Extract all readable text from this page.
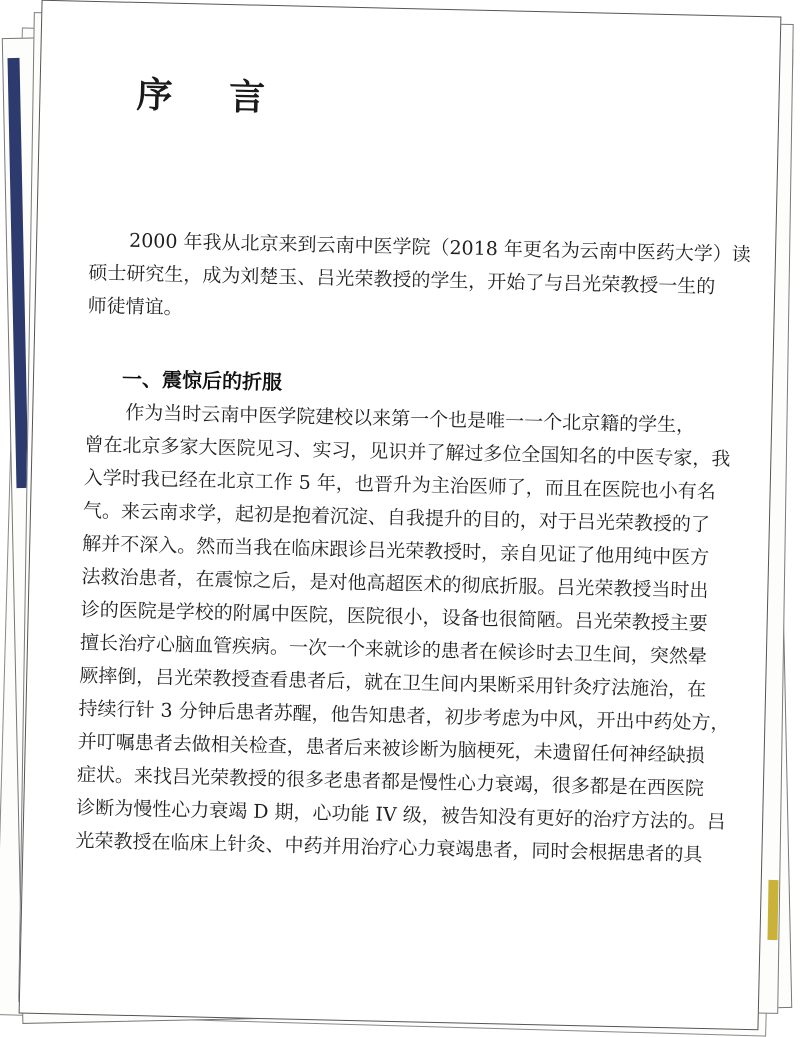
序 言
2000 年我从北京来到云南中医学院（2018 年更名为云南中医药大学）读
硕士研究生，成为刘楚玉、吕光荣教授的学生，开始了与吕光荣教授一生的
师徒情谊。
一、震惊后的折服
作为当时云南中医学院建校以来第一个也是唯一一个北京籍的学生，
曾在北京多家大医院见习、实习，见识并了解过多位全国知名的中医专家，我
入学时我已经在北京工作 5 年，也晋升为主治医师了，而且在医院也小有名
气。来云南求学，起初是抱着沉淀、自我提升的目的，对于吕光荣教授的了
解并不深入。然而当我在临床跟诊吕光荣教授时，亲自见证了他用纯中医方
法救治患者，在震惊之后，是对他高超医术的彻底折服。吕光荣教授当时出
诊的医院是学校的附属中医院，医院很小，设备也很简陋。吕光荣教授主要
擅长治疗心脑血管疾病。一次一个来就诊的患者在候诊时去卫生间，突然晕
厥摔倒，吕光荣教授查看患者后，就在卫生间内果断采用针灸疗法施治，在
持续行针 3 分钟后患者苏醒，他告知患者，初步考虑为中风，开出中药处方，
并叮嘱患者去做相关检查，患者后来被诊断为脑梗死，未遗留任何神经缺损
症状。来找吕光荣教授的很多老患者都是慢性心力衰竭，很多都是在西医院
诊断为慢性心力衰竭 D 期，心功能 IV 级，被告知没有更好的治疗方法的。吕
光荣教授在临床上针灸、中药并用治疗心力衰竭患者，同时会根据患者的具
